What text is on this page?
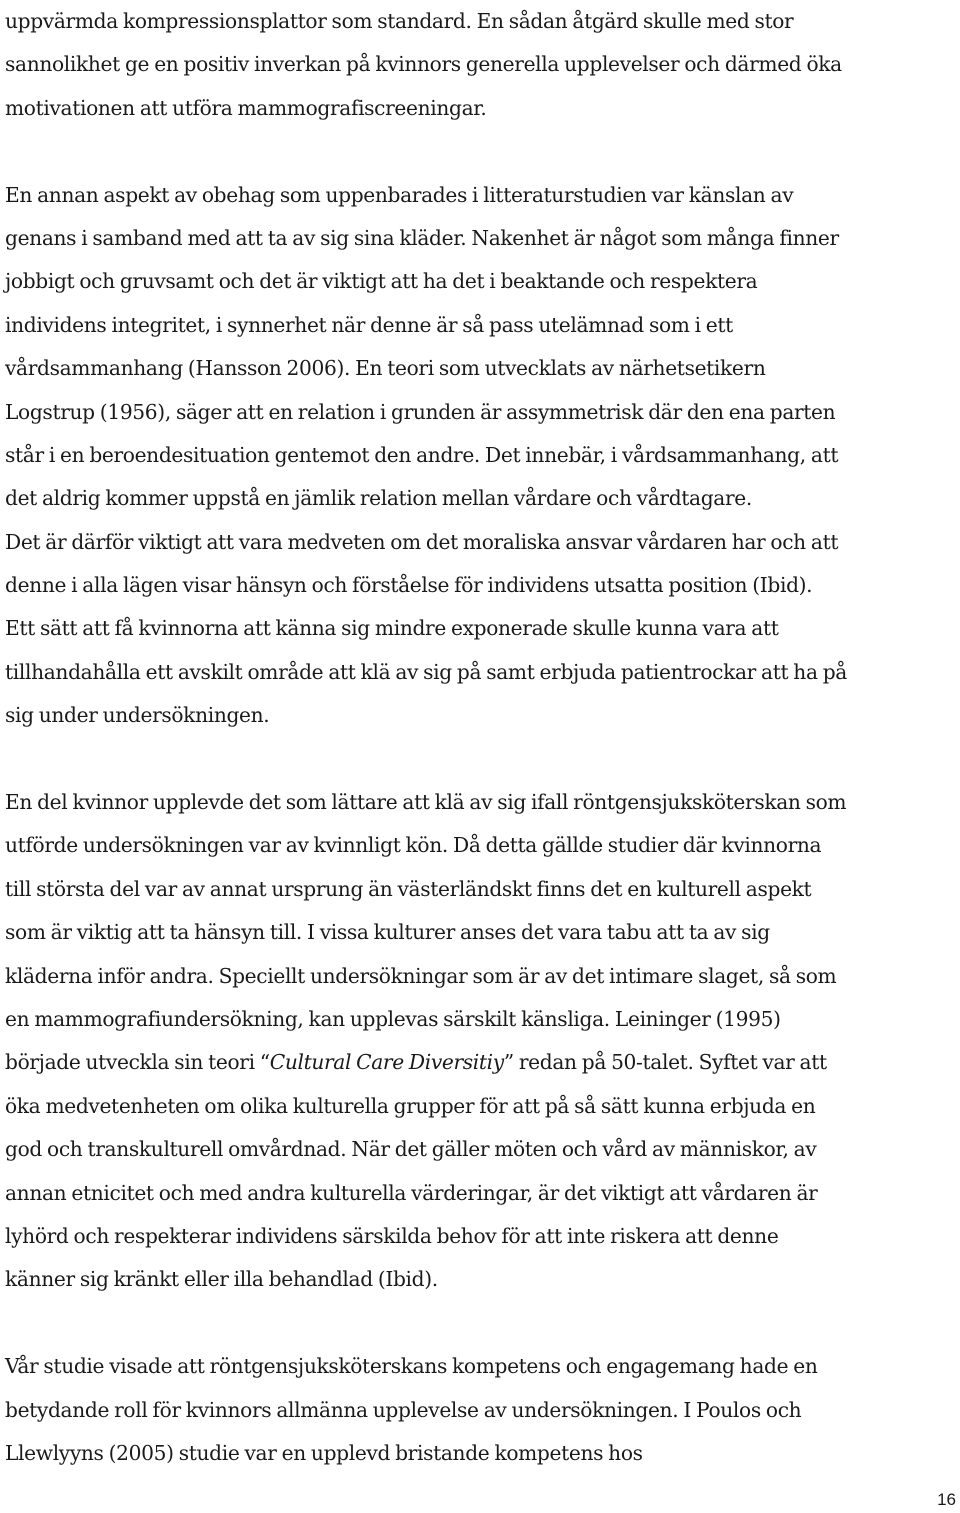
uppvärmda kompressionsplattor som standard. En sådan åtgärd skulle med stor
sannolikhet ge en positiv inverkan på kvinnors generella upplevelser och därmed öka
motivationen att utföra mammografiscreeningar.
En annan aspekt av obehag som uppenbarades i litteraturstudien var känslan av
genans i samband med att ta av sig sina kläder. Nakenhet är något som många finner
jobbigt och gruvsamt och det är viktigt att ha det i beaktande och respektera
individens integritet, i synnerhet när denne är så pass utelämnad som i ett
vårdsammanhang (Hansson 2006). En teori som utvecklats av närhetsetikern
Logstrup (1956), säger att en relation i grunden är assymmetrisk där den ena parten
står i en beroendesituation gentemot den andre. Det innebär, i vårdsammanhang, att
det aldrig kommer uppstå en jämlik relation mellan vårdare och vårdtagare.
Det är därför viktigt att vara medveten om det moraliska ansvar vårdaren har och att
denne i alla lägen visar hänsyn och förståelse för individens utsatta position (Ibid).
Ett sätt att få kvinnorna att känna sig mindre exponerade skulle kunna vara att
tillhandahålla ett avskilt område att klä av sig på samt erbjuda patientrockar att ha på
sig under undersökningen.
En del kvinnor upplevde det som lättare att klä av sig ifall röntgensjuksköterskan som
utförde undersökningen var av kvinnligt kön. Då detta gällde studier där kvinnorna
till största del var av annat ursprung än västerländskt finns det en kulturell aspekt
som är viktig att ta hänsyn till. I vissa kulturer anses det vara tabu att ta av sig
kläderna inför andra. Speciellt undersökningar som är av det intimare slaget, så som
en mammografiundersökning, kan upplevas särskilt känsliga. Leininger (1995)
började utveckla sin teori “Cultural Care Diversitiy” redan på 50-talet. Syftet var att
öka medvetenheten om olika kulturella grupper för att på så sätt kunna erbjuda en
god och transkulturell omvårdnad. När det gäller möten och vård av människor, av
annan etnicitet och med andra kulturella värderingar, är det viktigt att vårdaren är
lyhörd och respekterar individens särskilda behov för att inte riskera att denne
känner sig kränkt eller illa behandlad (Ibid).
Vår studie visade att röntgensjuksköterskans kompetens och engagemang hade en
betydande roll för kvinnors allmänna upplevelse av undersökningen. I Poulos och
Llewlyyns (2005) studie var en upplevd bristande kompetens hos
16
